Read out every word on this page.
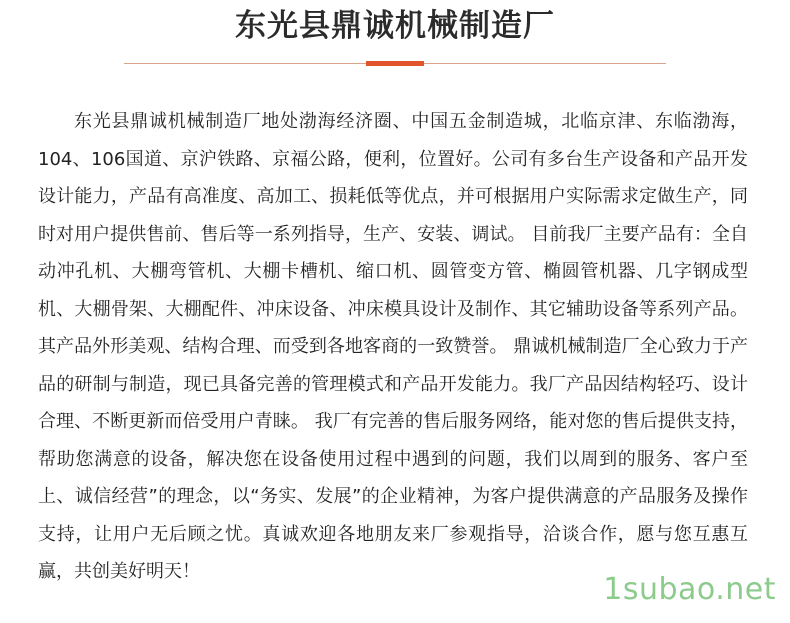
东光县鼎诚机械制造厂

东光县鼎诚机械制造厂地处渤海经济圈、中国五金制造城，北临京津、东临渤海，104、106国道、京沪铁路、京福公路，便利，位置好。公司有多台生产设备和产品开发设计能力，产品有高准度、高加工、损耗低等优点，并可根据用户实际需求定做生产，同时对用户提供售前、售后等一系列指导，生产、安装、调试。 目前我厂主要产品有：全自动冲孔机、大棚弯管机、大棚卡槽机、缩口机、圆管变方管、椭圆管机器、几字钢成型机、大棚骨架、大棚配件、冲床设备、冲床模具设计及制作、其它辅助设备等系列产品。其产品外形美观、结构合理、而受到各地客商的一致赞誉。 鼎诚机械制造厂全心致力于产品的研制与制造，现已具备完善的管理模式和产品开发能力。我厂产品因结构轻巧、设计合理、不断更新而倍受用户青睐。 我厂有完善的售后服务网络，能对您的售后提供支持，帮助您满意的设备，解决您在设备使用过程中遇到的问题，我们以周到的服务、客户至上、诚信经营”的理念，以“务实、发展”的企业精神，为客户提供满意的产品服务及操作支持，让用户无后顾之忧。真诚欢迎各地朋友来厂参观指导，洽谈合作，愿与您互惠互赢，共创美好明天！

1subao.net
